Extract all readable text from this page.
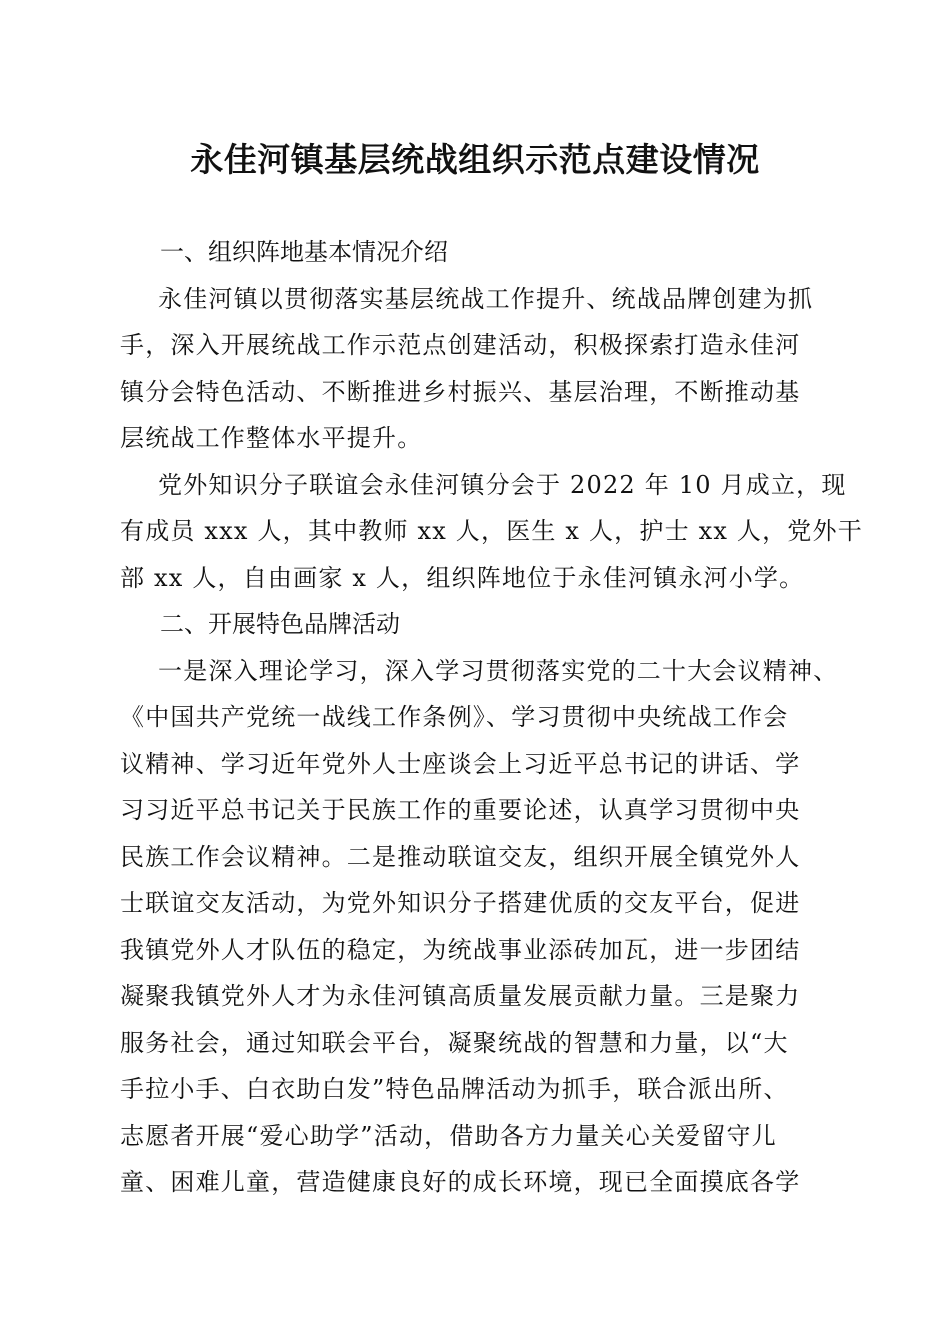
永佳河镇基层统战组织示范点建设情况
一、组织阵地基本情况介绍

永佳河镇以贯彻落实基层统战工作提升、统战品牌创建为抓
手，深入开展统战工作示范点创建活动，积极探索打造永佳河
镇分会特色活动、不断推进乡村振兴、基层治理，不断推动基
层统战工作整体水平提升。

党外知识分子联谊会永佳河镇分会于 2022 年 10 月成立，现
有成员 xxx 人，其中教师 xx 人，医生 x 人，护士 xx 人，党外干
部 xx 人，自由画家 x 人，组织阵地位于永佳河镇永河小学。

二、开展特色品牌活动

一是深入理论学习，深入学习贯彻落实党的二十大会议精神、
《中国共产党统一战线工作条例》、学习贯彻中央统战工作会
议精神、学习近年党外人士座谈会上习近平总书记的讲话、学
习习近平总书记关于民族工作的重要论述，认真学习贯彻中央
民族工作会议精神。二是推动联谊交友，组织开展全镇党外人
士联谊交友活动，为党外知识分子搭建优质的交友平台，促进
我镇党外人才队伍的稳定，为统战事业添砖加瓦，进一步团结
凝聚我镇党外人才为永佳河镇高质量发展贡献力量。三是聚力
服务社会，通过知联会平台，凝聚统战的智慧和力量，以“大
手拉小手、白衣助白发”特色品牌活动为抓手，联合派出所、
志愿者开展“爱心助学”活动，借助各方力量关心关爱留守儿
童、困难儿童，营造健康良好的成长环境，现已全面摸底各学
